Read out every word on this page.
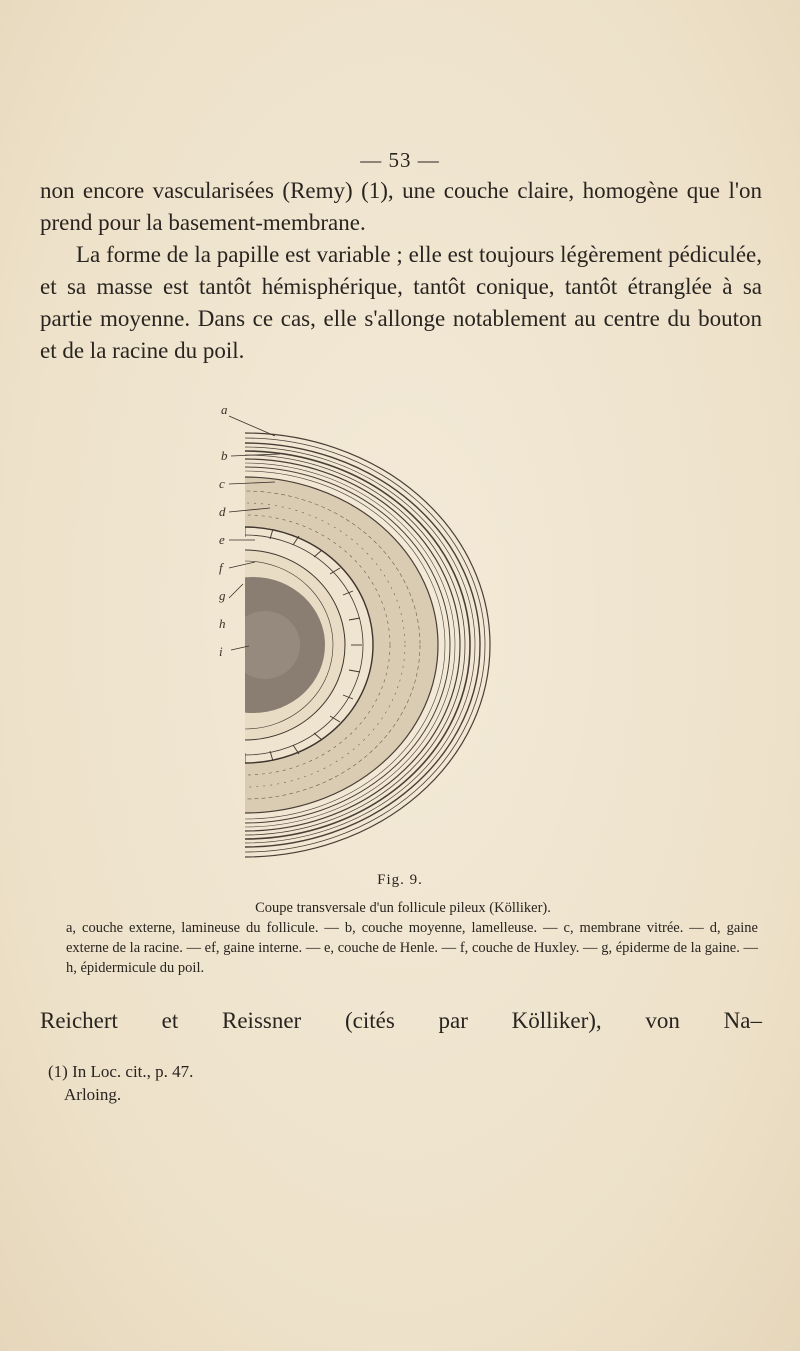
— 53 —

non encore vascularisées (Remy) (1), une couche claire, homogène que l'on prend pour la basement-membrane.

La forme de la papille est variable ; elle est toujours légèrement pédiculée, et sa masse est tantôt hémisphérique, tantôt conique, tantôt étranglée à sa partie moyenne. Dans ce cas, elle s'allonge notablement au centre du bouton et de la racine du poil.

a
b
c
d
e
f
g
h
i
Fig. 9.
Coupe transversale d'un follicule pileux (Kölliker).
a, couche externe, lamineuse du follicule. — b, couche moyenne, lamelleuse. — c, membrane vitrée. — d, gaine externe de la racine. — ef, gaine interne. — e, couche de Henle. — f, couche de Huxley. — g, épiderme de la gaine. — h, épidermicule du poil.
Reichert et Reissner (cités par Kölliker), von Na–
(1) In Loc. cit., p. 47.
Arloing.
